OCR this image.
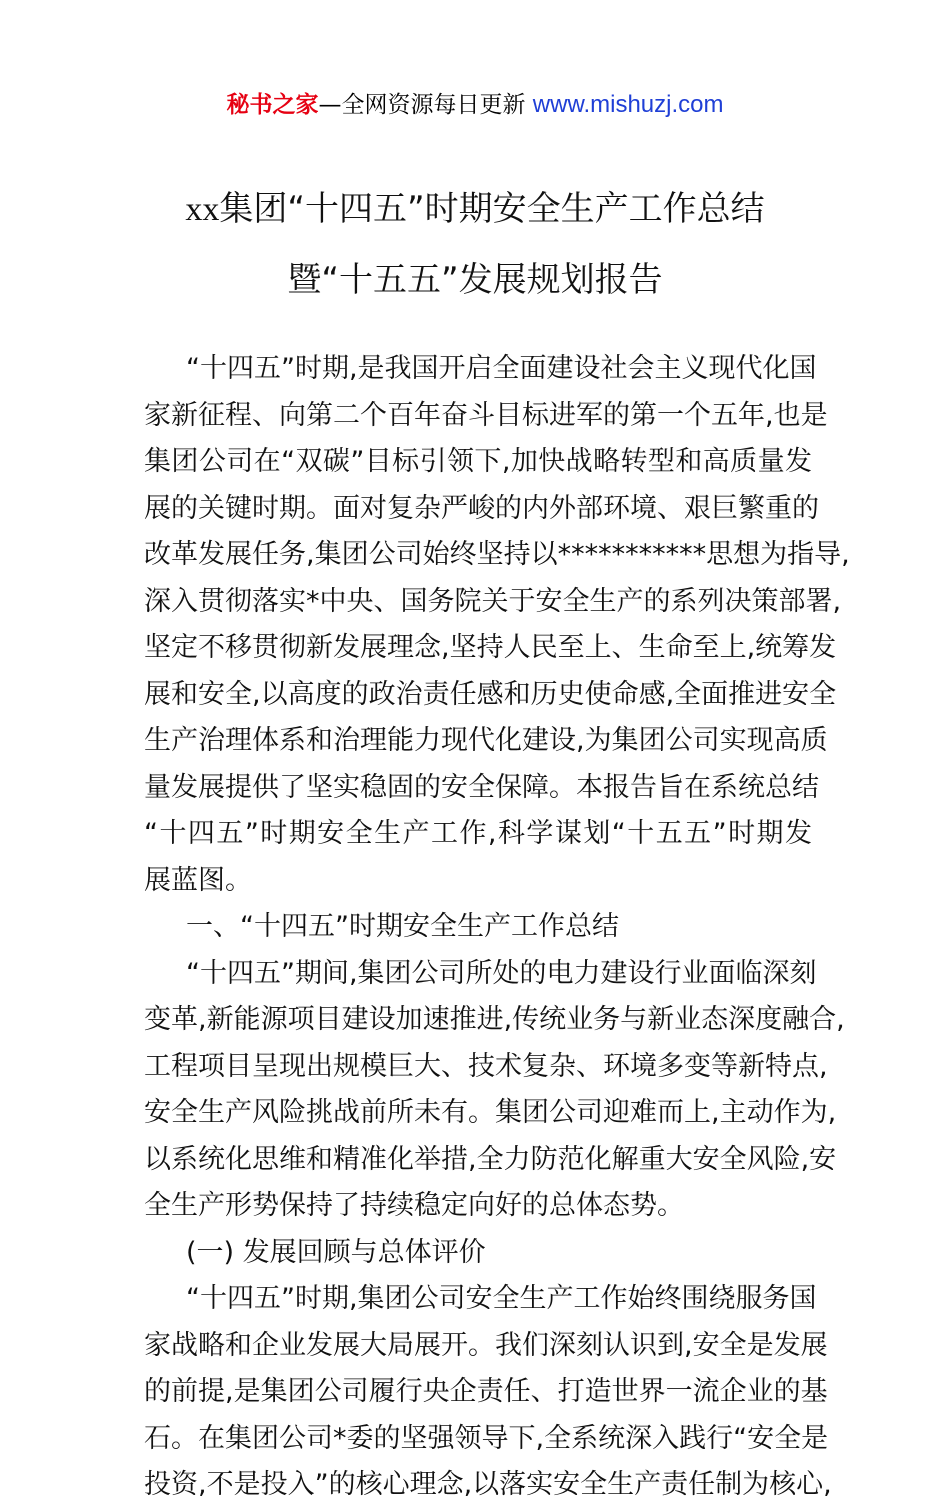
秘书之家—全网资源每日更新 www.mishuzj.com
xx集团“十四五”时期安全生产工作总结
暨“十五五”发展规划报告
“十四五”时期,是我国开启全面建设社会主义现代化国
家新征程、向第二个百年奋斗目标进军的第一个五年,也是
集团公司在“双碳”目标引领下,加快战略转型和高质量发
展的关键时期。面对复杂严峻的内外部环境、艰巨繁重的
改革发展任务,集团公司始终坚持以***********思想为指导,
深入贯彻落实*中央、国务院关于安全生产的系列决策部署,
坚定不移贯彻新发展理念,坚持人民至上、生命至上,统筹发
展和安全,以高度的政治责任感和历史使命感,全面推进安全
生产治理体系和治理能力现代化建设,为集团公司实现高质
量发展提供了坚实稳固的安全保障。本报告旨在系统总结
“十四五”时期安全生产工作,科学谋划“十五五”时期发
展蓝图。
一、“十四五”时期安全生产工作总结
“十四五”期间,集团公司所处的电力建设行业面临深刻
变革,新能源项目建设加速推进,传统业务与新业态深度融合,
工程项目呈现出规模巨大、技术复杂、环境多变等新特点,
安全生产风险挑战前所未有。集团公司迎难而上,主动作为,
以系统化思维和精准化举措,全力防范化解重大安全风险,安
全生产形势保持了持续稳定向好的总体态势。
(一) 发展回顾与总体评价
“十四五”时期,集团公司安全生产工作始终围绕服务国
家战略和企业发展大局展开。我们深刻认识到,安全是发展
的前提,是集团公司履行央企责任、打造世界一流企业的基
石。在集团公司*委的坚强领导下,全系统深入践行“安全是
投资,不是投入”的核心理念,以落实安全生产责任制为核心,
